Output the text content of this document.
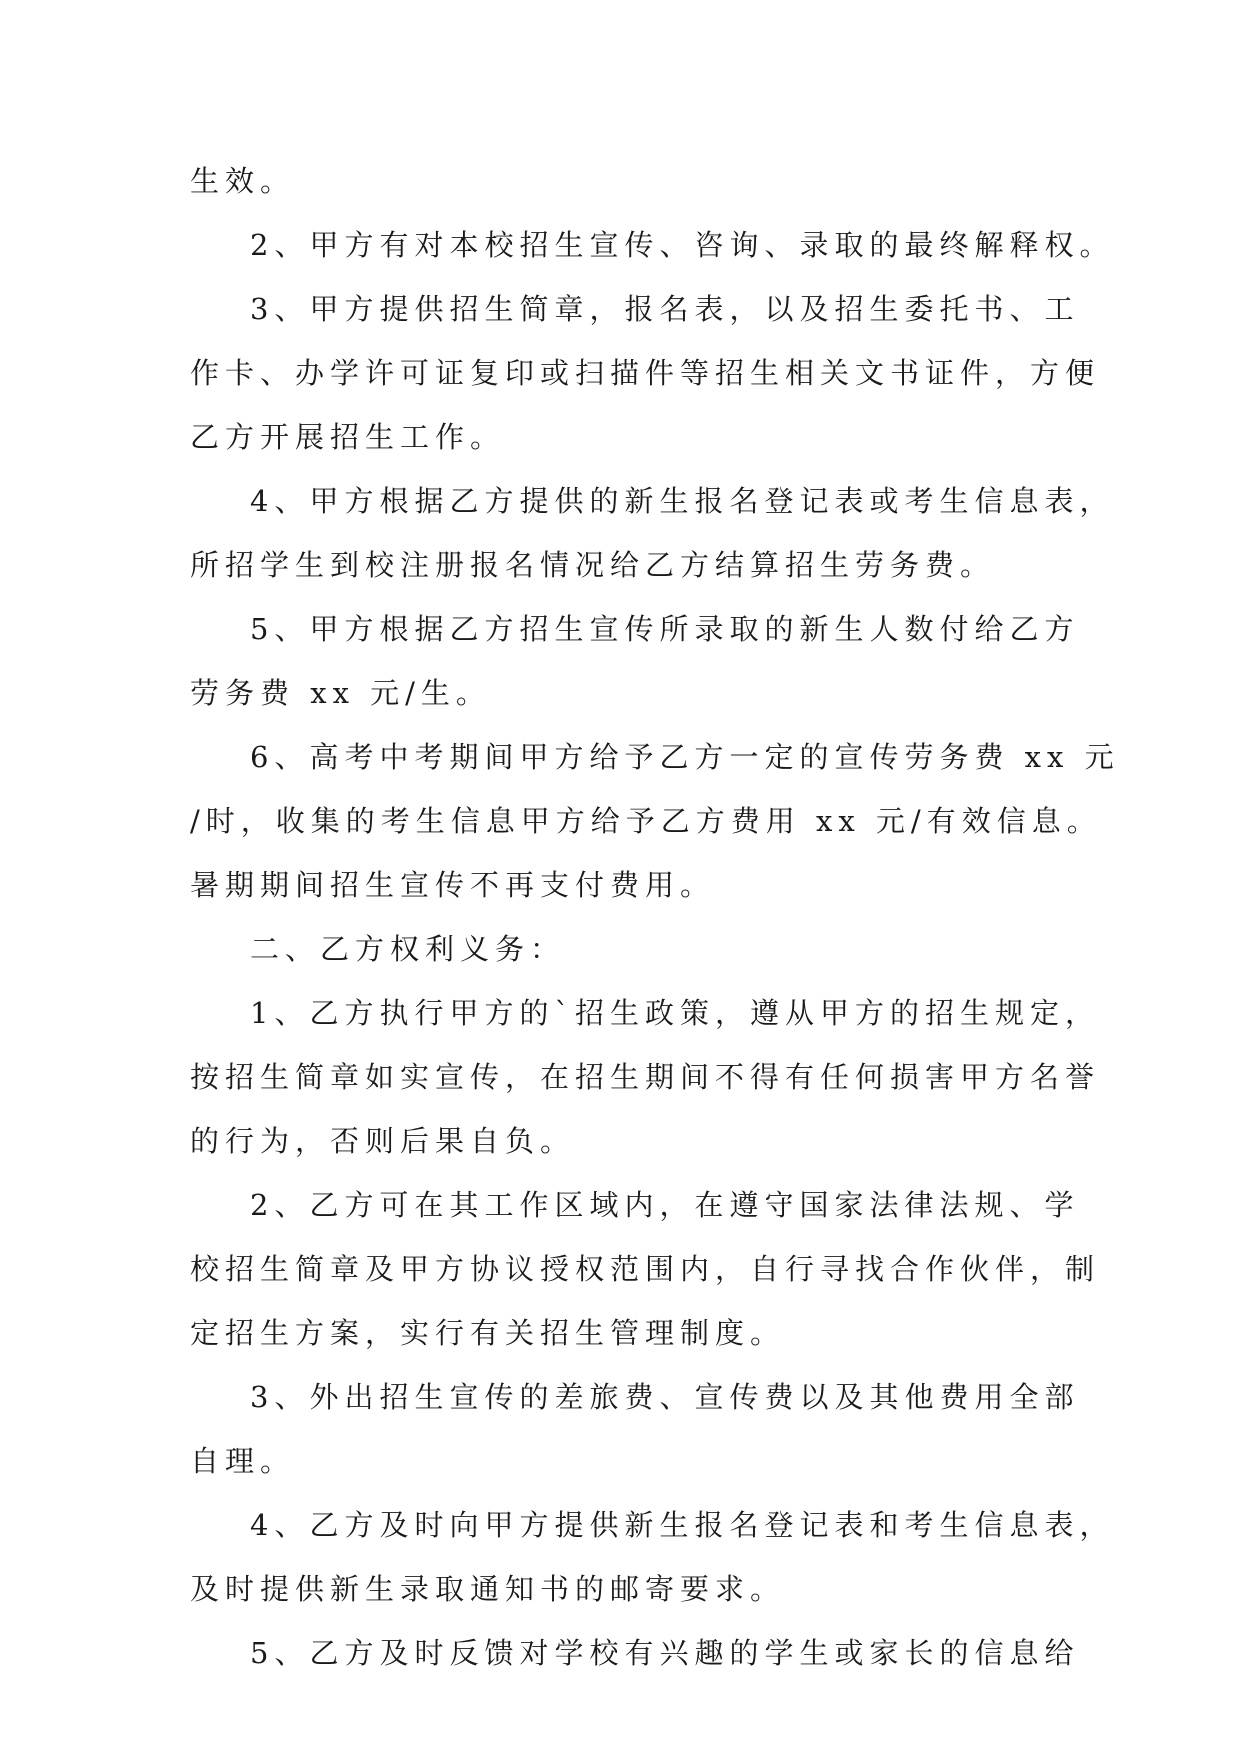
生效。
2、甲方有对本校招生宣传、咨询、录取的最终解释权。
3、甲方提供招生简章，报名表，以及招生委托书、工
作卡、办学许可证复印或扫描件等招生相关文书证件，方便
乙方开展招生工作。
4、甲方根据乙方提供的新生报名登记表或考生信息表，
所招学生到校注册报名情况给乙方结算招生劳务费。
5、甲方根据乙方招生宣传所录取的新生人数付给乙方
劳务费 xx 元/生。
6、高考中考期间甲方给予乙方一定的宣传劳务费 xx 元
/时，收集的考生信息甲方给予乙方费用 xx 元/有效信息。
暑期期间招生宣传不再支付费用。
二、乙方权利义务：
1、乙方执行甲方的`招生政策，遵从甲方的招生规定，
按招生简章如实宣传，在招生期间不得有任何损害甲方名誉
的行为，否则后果自负。
2、乙方可在其工作区域内，在遵守国家法律法规、学
校招生简章及甲方协议授权范围内，自行寻找合作伙伴，制
定招生方案，实行有关招生管理制度。
3、外出招生宣传的差旅费、宣传费以及其他费用全部
自理。
4、乙方及时向甲方提供新生报名登记表和考生信息表，
及时提供新生录取通知书的邮寄要求。
5、乙方及时反馈对学校有兴趣的学生或家长的信息给
